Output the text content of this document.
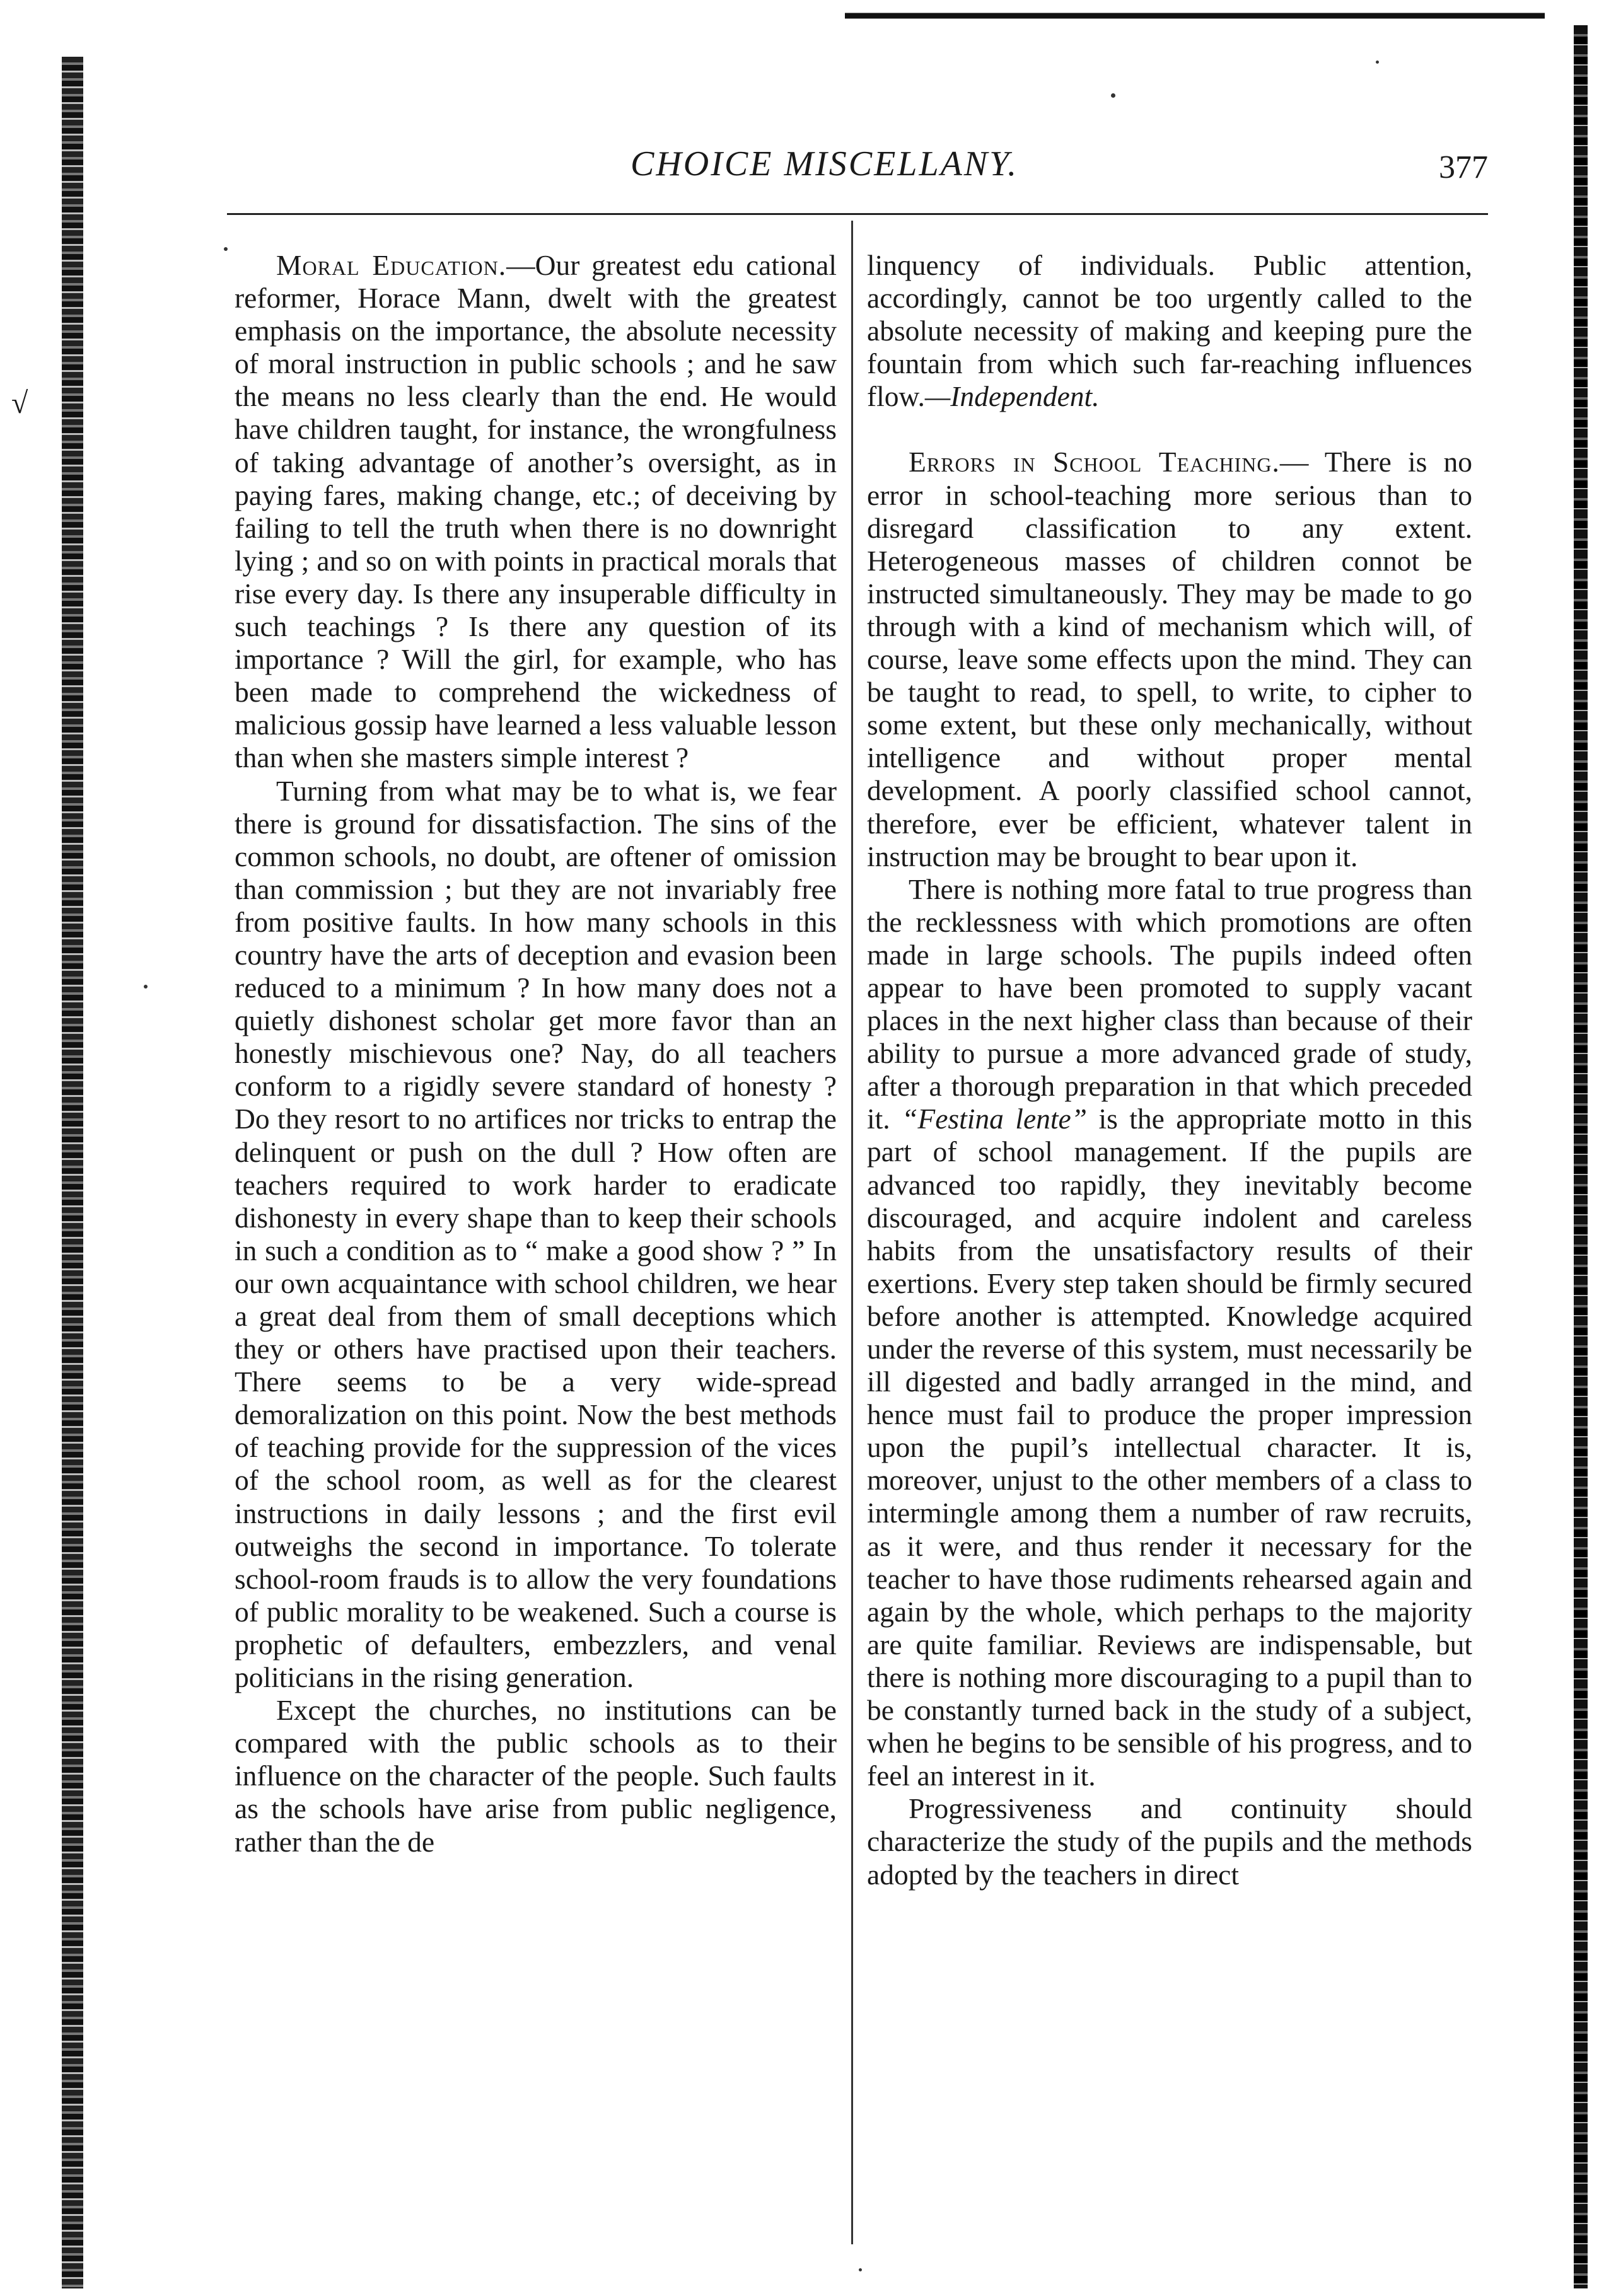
√
CHOICE MISCELLANY.	377

Moral Education.—Our greatest edu cational reformer, Horace Mann, dwelt with the greatest emphasis on the importance, the absolute necessity of moral instruction in public schools ; and he saw the means no less clearly than the end. He would have children taught, for instance, the wrongfulness of taking advantage of another’s oversight, as in paying fares, making change, etc.; of deceiving by failing to tell the truth when there is no downright lying ; and so on with points in practical morals that rise every day. Is there any insuperable difficulty in such teachings ? Is there any question of its importance ? Will the girl, for example, who has been made to comprehend the wickedness of malicious gossip have learned a less valuable lesson than when she masters simple interest ?

Turning from what may be to what is, we fear there is ground for dissatisfaction. The sins of the common schools, no doubt, are oftener of omission than commission ; but they are not invariably free from positive faults. In how many schools in this country have the arts of deception and evasion been reduced to a minimum ? In how many does not a quietly dishonest scholar get more favor than an honestly mischievous one? Nay, do all teachers conform to a rigidly severe standard of honesty ? Do they resort to no artifices nor tricks to entrap the delinquent or push on the dull ? How often are teachers required to work harder to eradicate dishonesty in every shape than to keep their schools in such a condition as to “ make a good show ? ” In our own acquaintance with school children, we hear a great deal from them of small deceptions which they or others have practised upon their teachers. There seems to be a very wide-spread demoralization on this point. Now the best methods of teaching provide for the suppression of the vices of the school room, as well as for the clearest instructions in daily lessons ; and the first evil outweighs the second in importance. To tolerate school-room frauds is to allow the very foundations of public morality to be weakened. Such a course is prophetic of defaulters, embezzlers, and venal politicians in the rising generation.

Except the churches, no institutions can be compared with the public schools as to their influence on the character of the people. Such faults as the schools have arise from public negligence, rather than the de

linquency of individuals. Public attention, accordingly, cannot be too urgently called to the absolute necessity of making and keeping pure the fountain from which such far-reaching influences flow.—Independent.

Errors in School Teaching.— There is no error in school-teaching more serious than to disregard classification to any extent. Heterogeneous masses of children connot be instructed simultaneously. They may be made to go through with a kind of mechanism which will, of course, leave some effects upon the mind. They can be taught to read, to spell, to write, to cipher to some extent, but these only mechanically, without intelligence and without proper mental development. A poorly classified school cannot, therefore, ever be efficient, whatever talent in instruction may be brought to bear upon it.

There is nothing more fatal to true progress than the recklessness with which promotions are often made in large schools. The pupils indeed often appear to have been promoted to supply vacant places in the next higher class than because of their ability to pursue a more advanced grade of study, after a thorough preparation in that which preceded it. “Festina lente” is the appropriate motto in this part of school management. If the pupils are advanced too rapidly, they inevitably become discouraged, and acquire indolent and careless habits from the unsatisfactory results of their exertions. Every step taken should be firmly secured before another is attempted. Knowledge acquired under the reverse of this system, must necessarily be ill digested and badly arranged in the mind, and hence must fail to produce the proper impression upon the pupil’s intellectual character. It is, moreover, unjust to the other members of a class to intermingle among them a number of raw recruits, as it were, and thus render it necessary for the teacher to have those rudiments rehearsed again and again by the whole, which perhaps to the majority are quite familiar. Reviews are indispensable, but there is nothing more discouraging to a pupil than to be constantly turned back in the study of a subject, when he begins to be sensible of his progress, and to feel an interest in it.

Progressiveness and continuity should characterize the study of the pupils and the methods adopted by the teachers in direct
